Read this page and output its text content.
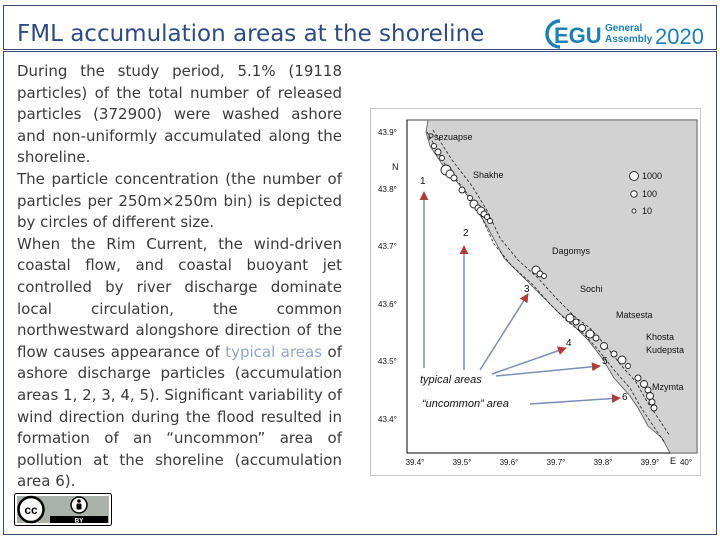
FML accumulation areas at the shoreline	EGU General
Assembly 2020

During the study period, 5.1% (19118 particles) of the total number of released particles (372900) were washed ashore and non-uniformly accumulated along the shoreline.

The particle concentration (the number of particles per 250m×250m bin) is depicted by circles of different size.

When the Rim Current, the wind-driven coastal flow, and coastal buoyant jet controlled by river discharge dominate local circulation, the common northwestward alongshore direction of the flow causes appearance of typical areas of ashore discharge particles (accumulation areas 1, 2, 3, 4, 5). Significant variability of wind direction during the flood resulted in formation of an “uncommon” area of pollution at the shoreline (accumulation area 6).

cc
BY
1000
100
10
43.9°
43.8°
43.7°
43.6°
43.5°
43.4°
39.4°	39.5°	39.6°	39.7°	39.8°	39.9°	40°
N
E
Psezuapse
Shakhe
Dagomys
Sochi
Matsesta
Khosta
Kudepsta
Mzymta
1
2
3
4
5
6
typical areas
“uncommon” area
